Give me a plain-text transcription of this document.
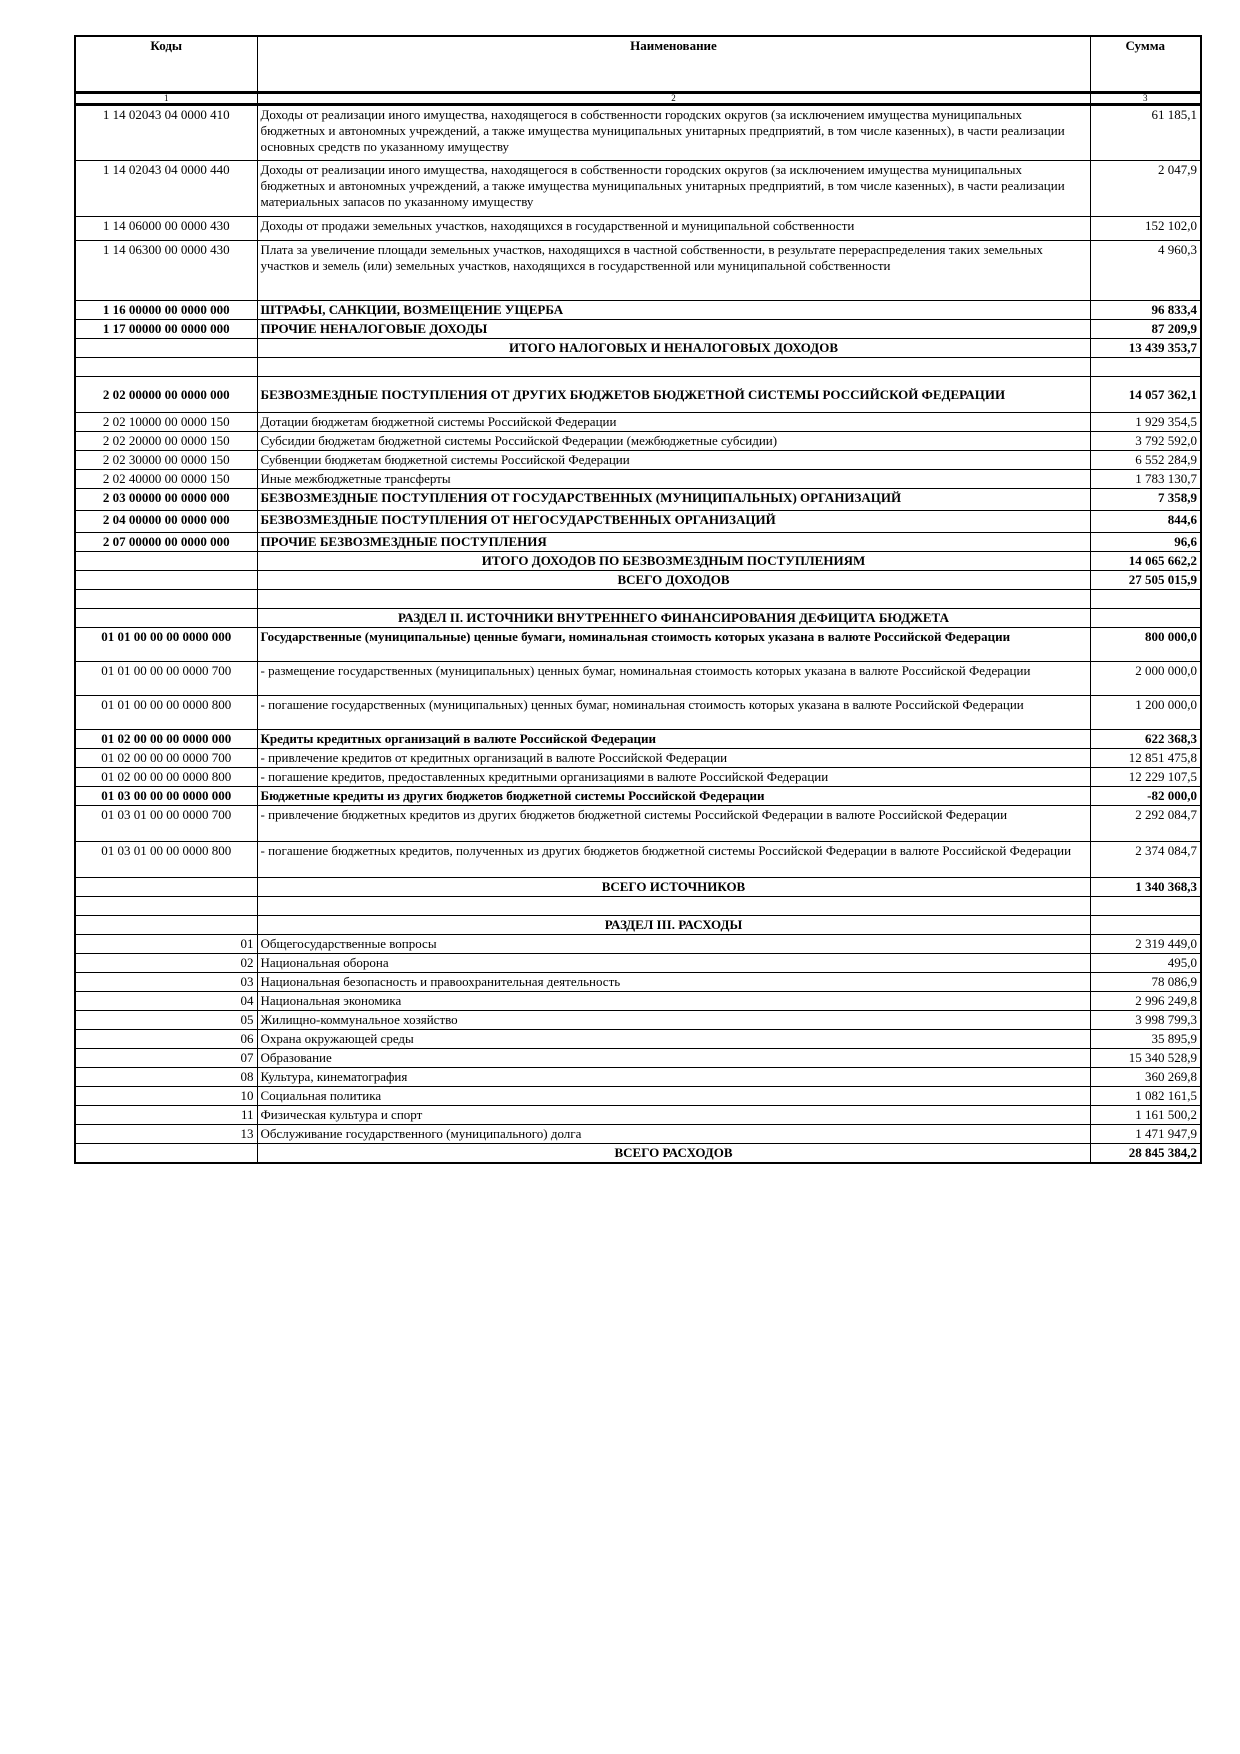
Коды	Наименование	Сумма
1	2	3
1 14 02043 04 0000 410	Доходы от реализации иного имущества, находящегося в собственности городских округов (за исключением имущества муниципальных бюджетных и автономных учреждений, а также имущества муниципальных унитарных предприятий, в том числе казенных), в части реализации основных средств по указанному имуществу	61 185,1
1 14 02043 04 0000 440	Доходы от реализации иного имущества, находящегося в собственности городских округов (за исключением имущества муниципальных бюджетных и автономных учреждений, а также имущества муниципальных унитарных предприятий, в том числе казенных), в части реализации материальных запасов по указанному имуществу	2 047,9
1 14 06000 00 0000 430	Доходы от продажи земельных участков, находящихся в государственной и муниципальной собственности	152 102,0
1 14 06300 00 0000 430	Плата за увеличение площади земельных участков, находящихся в частной собственности, в результате перераспределения таких земельных участков и земель (или) земельных участков, находящихся в государственной или муниципальной собственности	4 960,3
1 16 00000 00 0000 000	ШТРАФЫ, САНКЦИИ, ВОЗМЕЩЕНИЕ УЩЕРБА	96 833,4
1 17 00000 00 0000 000	ПРОЧИЕ НЕНАЛОГОВЫЕ ДОХОДЫ	87 209,9
	ИТОГО НАЛОГОВЫХ И НЕНАЛОГОВЫХ ДОХОДОВ	13 439 353,7

2 02 00000 00 0000 000	БЕЗВОЗМЕЗДНЫЕ ПОСТУПЛЕНИЯ ОТ ДРУГИХ БЮДЖЕТОВ БЮДЖЕТНОЙ СИСТЕМЫ РОССИЙСКОЙ ФЕДЕРАЦИИ	14 057 362,1
2 02 10000 00 0000 150	Дотации бюджетам бюджетной системы Российской Федерации	1 929 354,5
2 02 20000 00 0000 150	Субсидии бюджетам бюджетной системы Российской Федерации (межбюджетные субсидии)	3 792 592,0
2 02 30000 00 0000 150	Субвенции бюджетам бюджетной системы Российской Федерации	6 552 284,9
2 02 40000 00 0000 150	Иные межбюджетные трансферты	1 783 130,7
2 03 00000 00 0000 000	БЕЗВОЗМЕЗДНЫЕ ПОСТУПЛЕНИЯ ОТ ГОСУДАРСТВЕННЫХ (МУНИЦИПАЛЬНЫХ) ОРГАНИЗАЦИЙ	7 358,9
2 04 00000 00 0000 000	БЕЗВОЗМЕЗДНЫЕ ПОСТУПЛЕНИЯ ОТ НЕГОСУДАРСТВЕННЫХ ОРГАНИЗАЦИЙ	844,6
2 07 00000 00 0000 000	ПРОЧИЕ БЕЗВОЗМЕЗДНЫЕ ПОСТУПЛЕНИЯ	96,6
	ИТОГО ДОХОДОВ ПО БЕЗВОЗМЕЗДНЫМ ПОСТУПЛЕНИЯМ	14 065 662,2
	ВСЕГО ДОХОДОВ	27 505 015,9

	РАЗДЕЛ II. ИСТОЧНИКИ ВНУТРЕННЕГО ФИНАНСИРОВАНИЯ ДЕФИЦИТА БЮДЖЕТА	
01 01 00 00 00 0000 000	Государственные (муниципальные) ценные бумаги, номинальная стоимость которых указана в валюте Российской Федерации	800 000,0
01 01 00 00 00 0000 700	- размещение государственных (муниципальных) ценных бумаг, номинальная стоимость которых указана в валюте Российской Федерации	2 000 000,0
01 01 00 00 00 0000 800	- погашение государственных (муниципальных) ценных бумаг, номинальная стоимость которых указана в валюте Российской Федерации	1 200 000,0
01 02 00 00 00 0000 000	Кредиты кредитных организаций в валюте Российской Федерации	622 368,3
01 02 00 00 00 0000 700	- привлечение кредитов от кредитных организаций в валюте Российской Федерации	12 851 475,8
01 02 00 00 00 0000 800	- погашение кредитов, предоставленных кредитными организациями в валюте Российской Федерации	12 229 107,5
01 03 00 00 00 0000 000	Бюджетные кредиты из других бюджетов бюджетной системы Российской Федерации	-82 000,0
01 03 01 00 00 0000 700	- привлечение бюджетных кредитов из других бюджетов бюджетной системы Российской Федерации в валюте Российской Федерации	2 292 084,7
01 03 01 00 00 0000 800	- погашение бюджетных кредитов, полученных из других бюджетов бюджетной системы Российской Федерации в валюте Российской Федерации	2 374 084,7
	ВСЕГО ИСТОЧНИКОВ	1 340 368,3

	РАЗДЕЛ III. РАСХОДЫ	
01	Общегосударственные вопросы	2 319 449,0
02	Национальная оборона	495,0
03	Национальная безопасность и правоохранительная деятельность	78 086,9
04	Национальная экономика	2 996 249,8
05	Жилищно-коммунальное хозяйство	3 998 799,3
06	Охрана окружающей среды	35 895,9
07	Образование	15 340 528,9
08	Культура, кинематография	360 269,8
10	Социальная политика	1 082 161,5
11	Физическая культура и спорт	1 161 500,2
13	Обслуживание государственного (муниципального) долга	1 471 947,9
	ВСЕГО РАСХОДОВ	28 845 384,2
